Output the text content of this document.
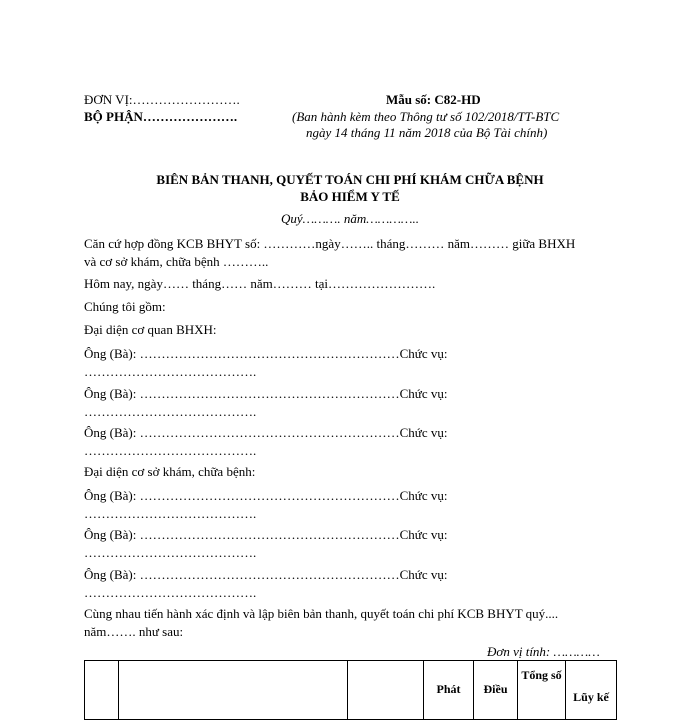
ĐƠN VỊ:…………………….
BỘ PHẬN………………….
Mẫu số: C82-HD
(Ban hành kèm theo Thông tư số 102/2018/TT-BTC
ngày 14 tháng 11 năm 2018 của Bộ Tài chính)
BIÊN BẢN THANH, QUYẾT TOÁN CHI PHÍ KHÁM CHỮA BỆNH
BẢO HIỂM Y TẾ
Quý………. năm…………..
Căn cứ hợp đồng KCB BHYT số: …………ngày…….. tháng……… năm……… giữa BHXH và cơ sở khám, chữa bệnh ………..
Hôm nay, ngày…… tháng…… năm……… tại…………………….
Chúng tôi gồm:
Đại diện cơ quan BHXH:
Ông (Bà): ……………………………………………………Chức vụ:
………………………………….
Ông (Bà): ……………………………………………………Chức vụ:
………………………………….
Ông (Bà): ……………………………………………………Chức vụ:
………………………………….
Đại diện cơ sở khám, chữa bệnh:
Ông (Bà): ……………………………………………………Chức vụ:
………………………………….
Ông (Bà): ……………………………………………………Chức vụ:
………………………………….
Ông (Bà): ……………………………………………………Chức vụ:
………………………………….
Cùng nhau tiến hành xác định và lập biên bản thanh, quyết toán chi phí KCB BHYT quý.... năm……. như sau:
Đơn vị tính: …………
			Phát	Điều	Tổng số	Lũy kế
